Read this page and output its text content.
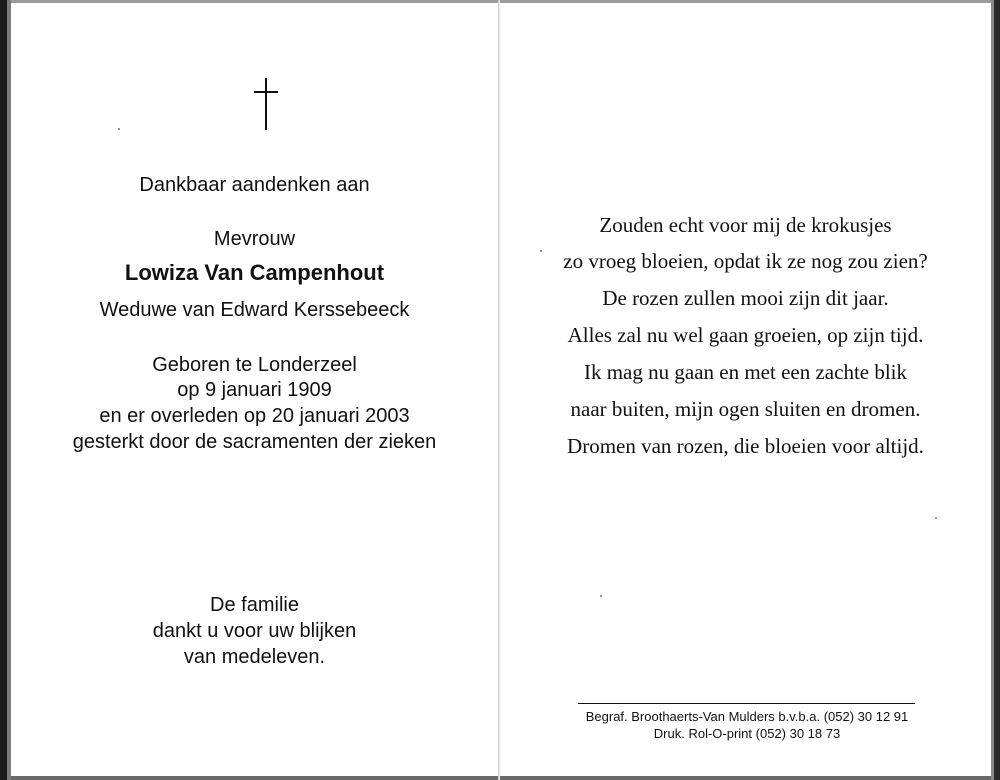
Dankbaar aandenken aan
Mevrouw
Lowiza Van Campenhout
Weduwe van Edward Kerssebeeck
Geboren te Londerzeel
op 9 januari 1909
en er overleden op 20 januari 2003
gesterkt door de sacramenten der zieken
De familie
dankt u voor uw blijken
van medeleven.
Zouden echt voor mij de krokusjes
zo vroeg bloeien, opdat ik ze nog zou zien?
De rozen zullen mooi zijn dit jaar.
Alles zal nu wel gaan groeien, op zijn tijd.
Ik mag nu gaan en met een zachte blik
naar buiten, mijn ogen sluiten en dromen.
Dromen van rozen, die bloeien voor altijd.
Begraf. Broothaerts-Van Mulders b.v.b.a. (052) 30 12 91
Druk. Rol-O-print (052) 30 18 73
